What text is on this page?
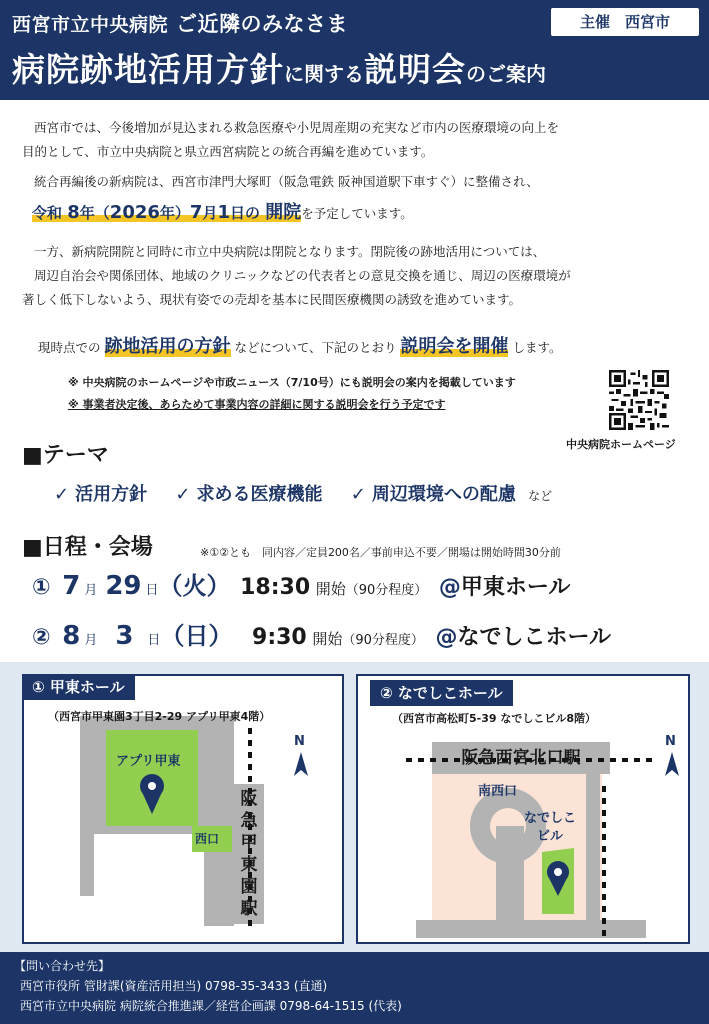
西宮市立中央病院 ご近隣のみなさま	主催　西宮市
病院跡地活用方針に関する説明会のご案内
西宮市では、今後増加が見込まれる救急医療や小児周産期の充実など市内の医療環境の向上を
目的として、市立中央病院と県立西宮病院との統合再編を進めています。
統合再編後の新病院は、西宮市津門大塚町（阪急電鉄 阪神国道駅下車すぐ）に整備され、
令和 8年（2026年）7月1日の 開院を予定しています。
一方、新病院開院と同時に市立中央病院は閉院となります。閉院後の跡地活用については、
周辺自治会や関係団体、地域のクリニックなどの代表者との意見交換を通じ、周辺の医療環境が
著しく低下しないよう、現状有姿での売却を基本に民間医療機関の誘致を進めています。
現時点での 跡地活用の方針 などについて、下記のとおり 説明会を開催 します。
※ 中央病院のホームページや市政ニュース（7/10号）にも説明会の案内を掲載しています
※ 事業者決定後、あらためて事業内容の詳細に関する説明会を行う予定です
中央病院ホームページ
■テーマ
✓ 活用方針 ✓ 求める医療機能 ✓ 周辺環境への配慮 など
■日程・会場	※①②とも　同内容／定員200名／事前申込不要／開場は開始時間30分前
① 7 月 29 日（火） 18:30 開始（90分程度） @甲東ホール
② 8 月 3 日（日） 9:30 開始（90分程度） @なでしこホール
① 甲東ホール
（西宮市甲東園3丁目2-29 アプリ甲東4階）
アプリ甲東
西口
阪
急
甲
東
園
駅
N
② なでしこホール
（西宮市高松町5-39 なでしこビル8階）
阪急西宮北口駅
南西口
なでしこ
ビル
N
【問い合わせ先】
西宮市役所 管財課(資産活用担当) 0798-35-3433 (直通)
西宮市立中央病院 病院統合推進課／経営企画課 0798-64-1515 (代表)
